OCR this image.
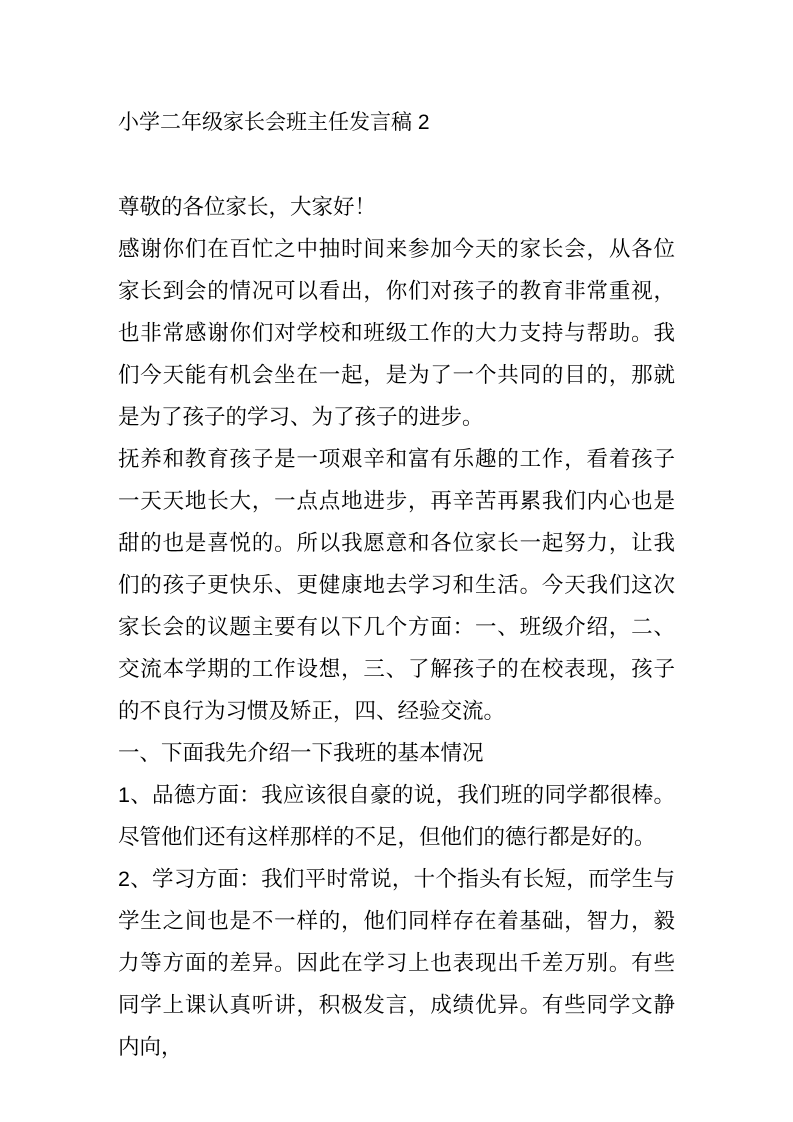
小学二年级家长会班主任发言稿 2

尊敬的各位家长，大家好！

感谢你们在百忙之中抽时间来参加今天的家长会，从各位家长到会的情况可以看出，你们对孩子的教育非常重视，也非常感谢你们对学校和班级工作的大力支持与帮助。我们今天能有机会坐在一起，是为了一个共同的目的，那就是为了孩子的学习、为了孩子的进步。

抚养和教育孩子是一项艰辛和富有乐趣的工作，看着孩子一天天地长大，一点点地进步，再辛苦再累我们内心也是甜的也是喜悦的。所以我愿意和各位家长一起努力，让我们的孩子更快乐、更健康地去学习和生活。今天我们这次家长会的议题主要有以下几个方面：一、班级介绍，二、交流本学期的工作设想，三、了解孩子的在校表现，孩子的不良行为习惯及矫正，四、经验交流。

一、下面我先介绍一下我班的基本情况

1、品德方面：我应该很自豪的说，我们班的同学都很棒。尽管他们还有这样那样的不足，但他们的德行都是好的。

2、学习方面：我们平时常说，十个指头有长短，而学生与学生之间也是不一样的，他们同样存在着基础，智力，毅力等方面的差异。因此在学习上也表现出千差万别。有些同学上课认真听讲，积极发言，成绩优异。有些同学文静内向，
